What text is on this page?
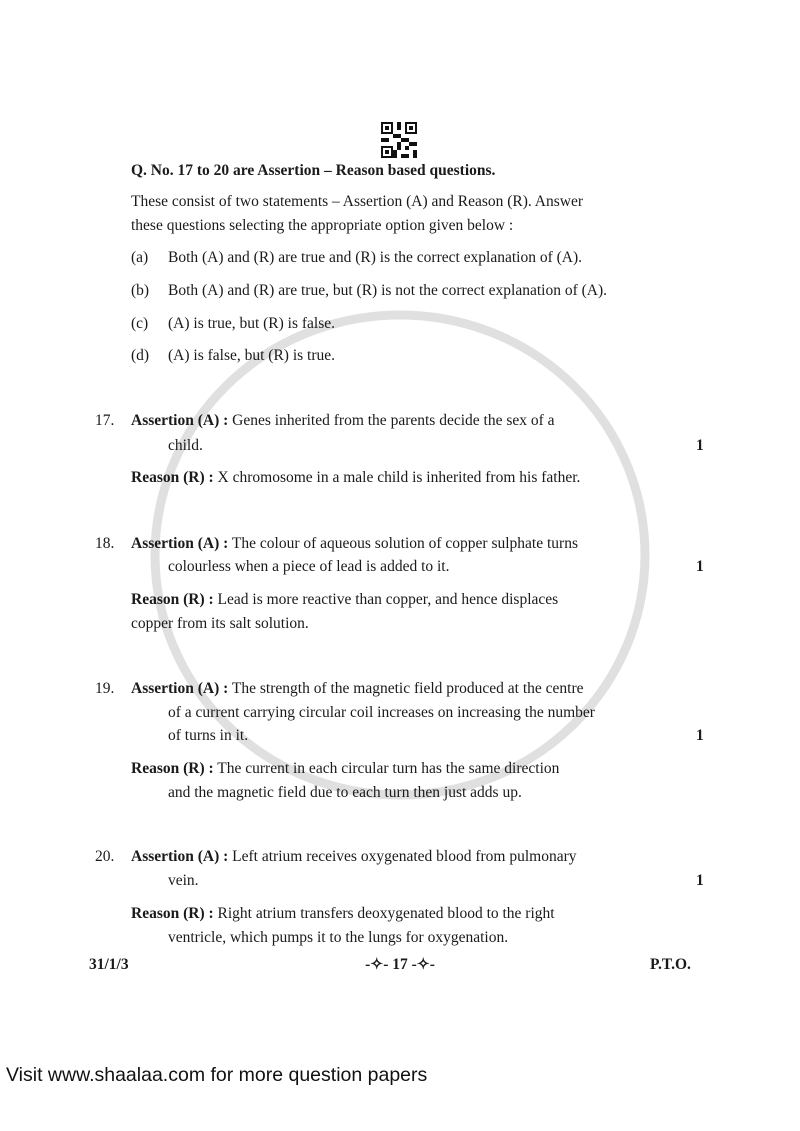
Q. No. 17 to 20 are Assertion – Reason based questions.
These consist of two statements – Assertion (A) and Reason (R). Answer
these questions selecting the appropriate option given below :
(a) Both (A) and (R) are true and (R) is the correct explanation of (A).
(b) Both (A) and (R) are true, but (R) is not the correct explanation of (A).
(c) (A) is true, but (R) is false.
(d) (A) is false, but (R) is true.
17. Assertion (A) : Genes inherited from the parents decide the sex of a
child.	1
Reason (R) : X chromosome in a male child is inherited from his father.
18. Assertion (A) : The colour of aqueous solution of copper sulphate turns
colourless when a piece of lead is added to it.	1
Reason (R) : Lead is more reactive than copper, and hence displaces
copper from its salt solution.
19. Assertion (A) : The strength of the magnetic field produced at the centre
of a current carrying circular coil increases on increasing the number
of turns in it.	1
Reason (R) : The current in each circular turn has the same direction
and the magnetic field due to each turn then just adds up.
20. Assertion (A) : Left atrium receives oxygenated blood from pulmonary
vein.	1
Reason (R) : Right atrium transfers deoxygenated blood to the right
ventricle, which pumps it to the lungs for oxygenation.
31/1/3	-✧- 17 -✧-	P.T.O.
Visit www.shaalaa.com for more question papers
